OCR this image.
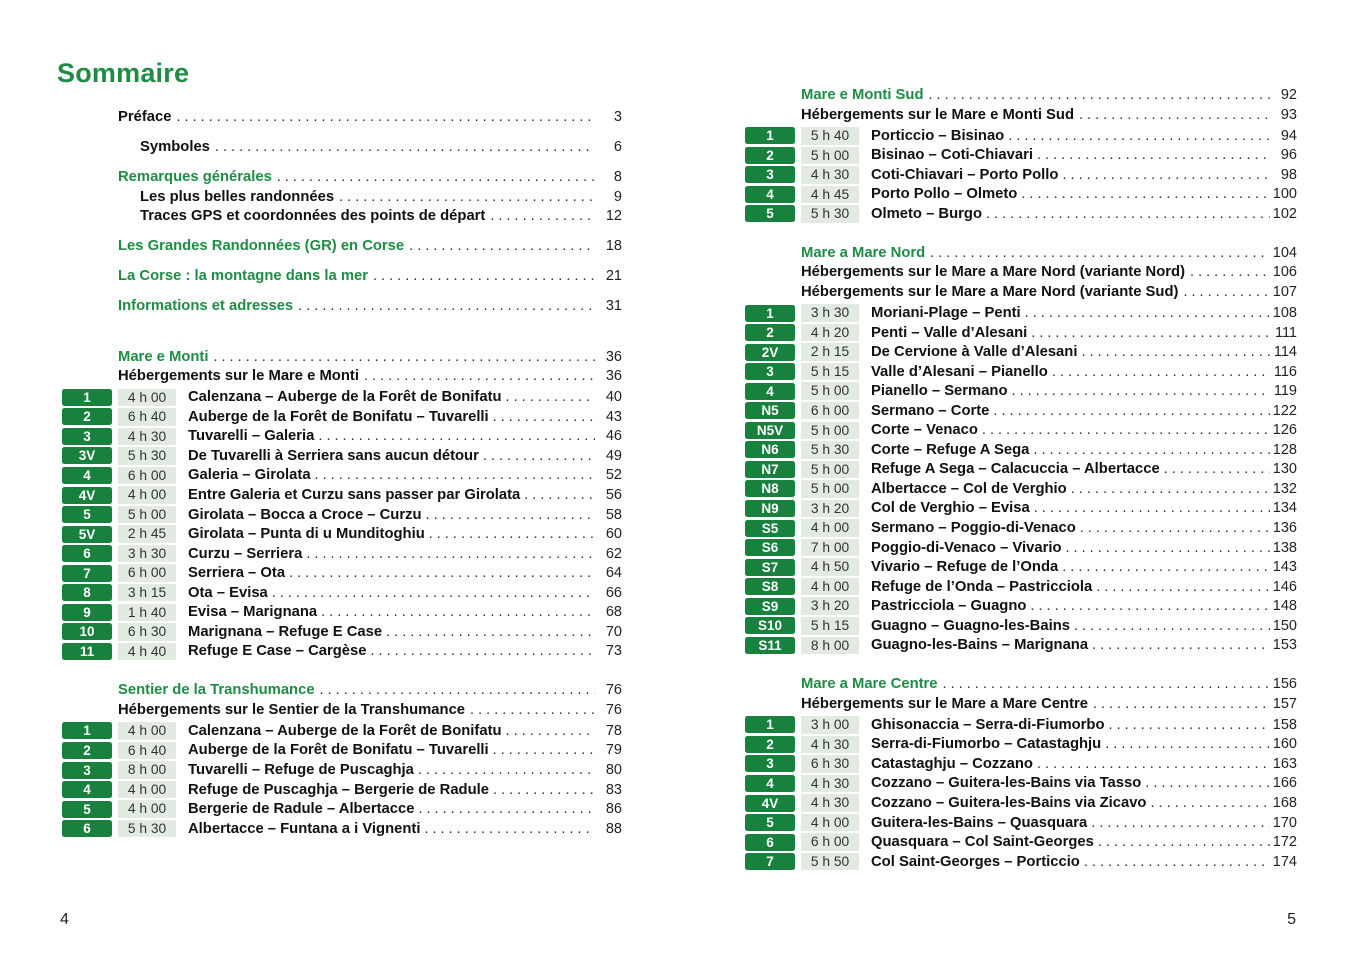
Sommaire
Préface . . .	3
Symboles . . .	6
Remarques générales . . .	8
Les plus belles randonnées . . .	9
Traces GPS et coordonnées des points de départ . . .	12
Les Grandes Randonnées (GR) en Corse . . .	18
La Corse : la montagne dans la mer . . .	21
Informations et adresses . . .	31
Mare e Monti . . .	36
Hébergements sur le Mare e Monti . . .	36
1	4 h 00	Calenzana – Auberge de la Forêt de Bonifatu . . .	40
2	6 h 40	Auberge de la Forêt de Bonifatu – Tuvarelli . . .	43
3	4 h 30	Tuvarelli – Galeria . . .	46
3V	5 h 30	De Tuvarelli à Serriera sans aucun détour . . .	49
4	6 h 00	Galeria – Girolata . . .	52
4V	4 h 00	Entre Galeria et Curzu sans passer par Girolata . . .	56
5	5 h 00	Girolata – Bocca a Croce – Curzu . . .	58
5V	2 h 45	Girolata – Punta di u Munditoghiu . . .	60
6	3 h 30	Curzu – Serriera . . .	62
7	6 h 00	Serriera – Ota . . .	64
8	3 h 15	Ota – Evisa . . .	66
9	1 h 40	Evisa – Marignana . . .	68
10	6 h 30	Marignana – Refuge E Case . . .	70
11	4 h 40	Refuge E Case – Cargèse . . .	73
Sentier de la Transhumance . . .	76
Hébergements sur le Sentier de la Transhumance . . .	76
1	4 h 00	Calenzana – Auberge de la Forêt de Bonifatu . . .	78
2	6 h 40	Auberge de la Forêt de Bonifatu – Tuvarelli . . .	79
3	8 h 00	Tuvarelli – Refuge de Puscaghja . . .	80
4	4 h 00	Refuge de Puscaghja – Bergerie de Radule . . .	83
5	4 h 00	Bergerie de Radule – Albertacce . . .	86
6	5 h 30	Albertacce – Funtana a i Vignenti . . .	88
Mare e Monti Sud . . .	92
Hébergements sur le Mare e Monti Sud . . .	93
1	5 h 40	Porticcio – Bisinao . . .	94
2	5 h 00	Bisinao – Coti-Chiavari . . .	96
3	4 h 30	Coti-Chiavari – Porto Pollo . . .	98
4	4 h 45	Porto Pollo – Olmeto . . .	100
5	5 h 30	Olmeto – Burgo . . .	102
Mare a Mare Nord . . .	104
Hébergements sur le Mare a Mare Nord (variante Nord) . . .	106
Hébergements sur le Mare a Mare Nord (variante Sud) . . .	107
1	3 h 30	Moriani-Plage – Penti . . .	108
2	4 h 20	Penti – Valle d’Alesani . . .	111
2V	2 h 15	De Cervione à Valle d’Alesani . . .	114
3	5 h 15	Valle d’Alesani – Pianello . . .	116
4	5 h 00	Pianello – Sermano . . .	119
N5	6 h 00	Sermano – Corte . . .	122
N5V	5 h 00	Corte – Venaco . . .	126
N6	5 h 30	Corte – Refuge A Sega . . .	128
N7	5 h 00	Refuge A Sega – Calacuccia – Albertacce . . .	130
N8	5 h 00	Albertacce – Col de Verghio . . .	132
N9	3 h 20	Col de Verghio – Evisa . . .	134
S5	4 h 00	Sermano – Poggio-di-Venaco . . .	136
S6	7 h 00	Poggio-di-Venaco – Vivario . . .	138
S7	4 h 50	Vivario – Refuge de l’Onda . . .	143
S8	4 h 00	Refuge de l’Onda – Pastricciola . . .	146
S9	3 h 20	Pastricciola – Guagno . . .	148
S10	5 h 15	Guagno – Guagno-les-Bains . . .	150
S11	8 h 00	Guagno-les-Bains – Marignana . . .	153
Mare a Mare Centre . . .	156
Hébergements sur le Mare a Mare Centre . . .	157
1	3 h 00	Ghisonaccia – Serra-di-Fiumorbo . . .	158
2	4 h 30	Serra-di-Fiumorbo – Catastaghju . . .	160
3	6 h 30	Catastaghju – Cozzano . . .	163
4	4 h 30	Cozzano – Guitera-les-Bains via Tasso . . .	166
4V	4 h 30	Cozzano – Guitera-les-Bains via Zicavo . . .	168
5	4 h 00	Guitera-les-Bains – Quasquara . . .	170
6	6 h 00	Quasquara – Col Saint-Georges . . .	172
7	5 h 50	Col Saint-Georges – Porticcio . . .	174
4	5
